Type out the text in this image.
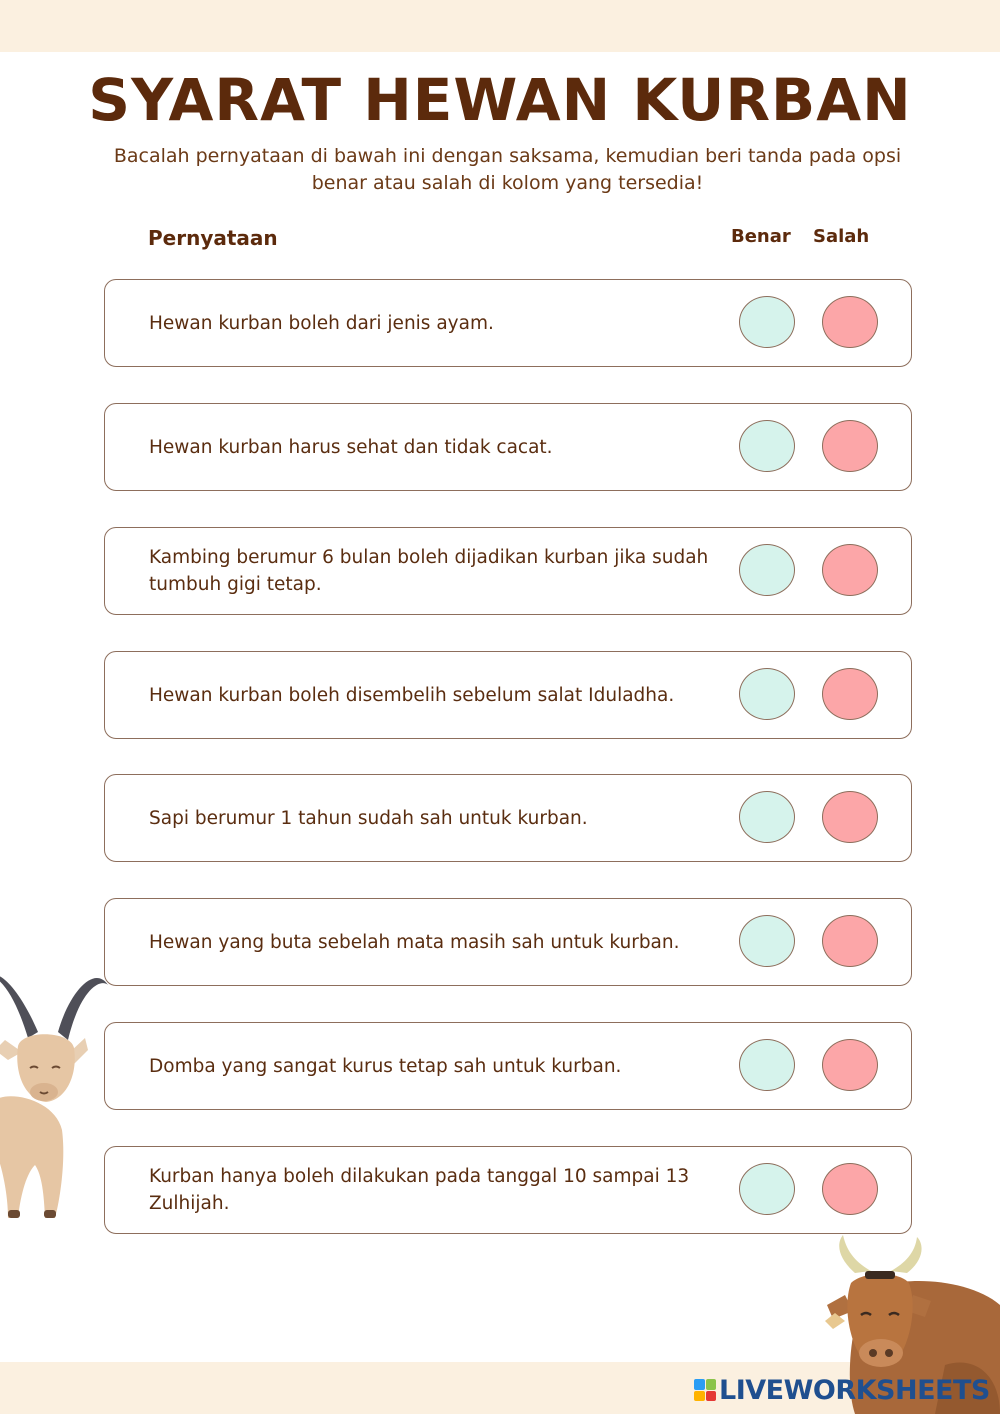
SYARAT HEWAN KURBAN
Bacalah pernyataan di bawah ini dengan saksama, kemudian beri tanda pada opsi benar atau salah di kolom yang tersedia!
Pernyataan	Benar Salah
Hewan kurban boleh dari jenis ayam.
Hewan kurban harus sehat dan tidak cacat.
Kambing berumur 6 bulan boleh dijadikan kurban jika sudah tumbuh gigi tetap.
Hewan kurban boleh disembelih sebelum salat Iduladha.
Sapi berumur 1 tahun sudah sah untuk kurban.
Hewan yang buta sebelah mata masih sah untuk kurban.
Domba yang sangat kurus tetap sah untuk kurban.
Kurban hanya boleh dilakukan pada tanggal 10 sampai 13 Zulhijah.
LIVEWORKSHEETS
